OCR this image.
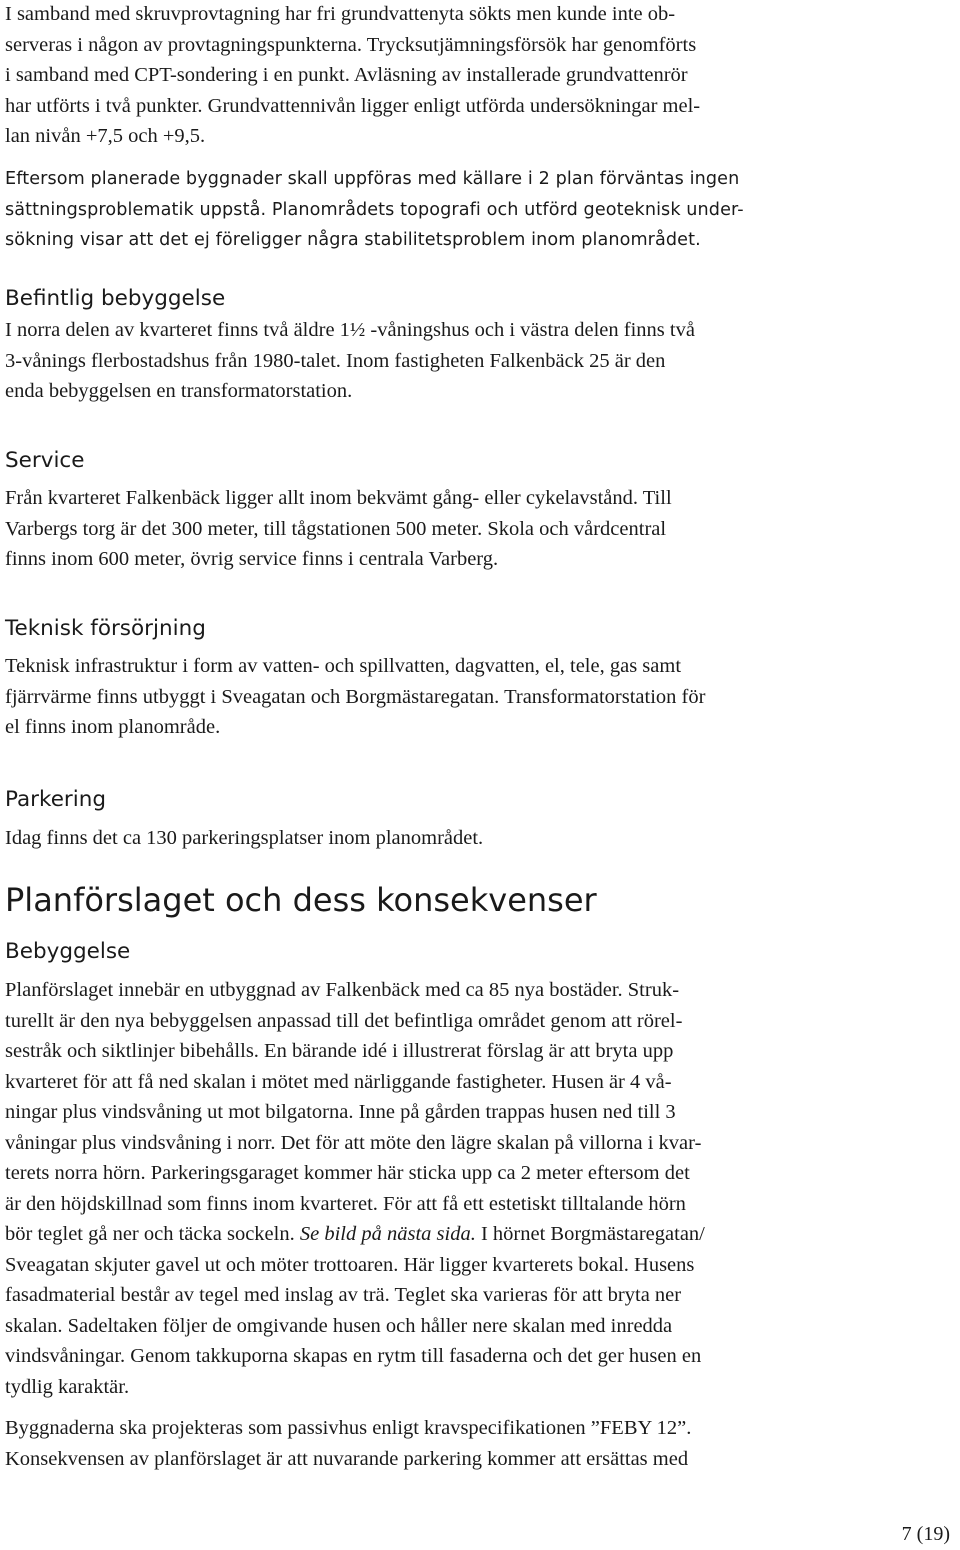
I samband med skruvprovtagning har fri grundvattenyta sökts men kunde inte ob-
serveras i någon av provtagningspunkterna. Trycksutjämningsförsök har genomförts
i samband med CPT-sondering i en punkt. Avläsning av installerade grundvattenrör
har utförts i två punkter. Grundvattennivån ligger enligt utförda undersökningar mel-
lan nivån +7,5 och +9,5.
Eftersom planerade byggnader skall uppföras med källare i 2 plan förväntas ingen
sättningsproblematik uppstå. Planområdets topografi och utförd geoteknisk under-
sökning visar att det ej föreligger några stabilitetsproblem inom planområdet.
Befintlig bebyggelse
I norra delen av kvarteret finns två äldre 1½ -våningshus och i västra delen finns två
3-vånings flerbostadshus från 1980-talet. Inom fastigheten Falkenbäck 25 är den
enda bebyggelsen en transformatorstation.
Service
Från kvarteret Falkenbäck ligger allt inom bekvämt gång- eller cykelavstånd. Till
Varbergs torg är det 300 meter, till tågstationen 500 meter. Skola och vårdcentral
finns inom 600 meter, övrig service finns i centrala Varberg.
Teknisk försörjning
Teknisk infrastruktur i form av vatten- och spillvatten, dagvatten, el, tele, gas samt
fjärrvärme finns utbyggt i Sveagatan och Borgmästaregatan. Transformatorstation för
el finns inom planområde.
Parkering
Idag finns det ca 130 parkeringsplatser inom planområdet.
Planförslaget och dess konsekvenser
Bebyggelse
Planförslaget innebär en utbyggnad av Falkenbäck med ca 85 nya bostäder. Struk-
turellt är den nya bebyggelsen anpassad till det befintliga området genom att rörel-
sestråk och siktlinjer bibehålls. En bärande idé i illustrerat förslag är att bryta upp
kvarteret för att få ned skalan i mötet med närliggande fastigheter. Husen är 4 vå-
ningar plus vindsvåning ut mot bilgatorna. Inne på gården trappas husen ned till 3
våningar plus vindsvåning i norr. Det för att möte den lägre skalan på villorna i kvar-
terets norra hörn. Parkeringsgaraget kommer här sticka upp ca 2 meter eftersom det
är den höjdskillnad som finns inom kvarteret. För att få ett estetiskt tilltalande hörn
bör teglet gå ner och täcka sockeln. Se bild på nästa sida. I hörnet Borgmästaregatan/
Sveagatan skjuter gavel ut och möter trottoaren. Här ligger kvarterets bokal. Husens
fasadmaterial består av tegel med inslag av trä. Teglet ska varieras för att bryta ner
skalan. Sadeltaken följer de omgivande husen och håller nere skalan med inredda
vindsvåningar. Genom takkuporna skapas en rytm till fasaderna och det ger husen en
tydlig karaktär.
Byggnaderna ska projekteras som passivhus enligt kravspecifikationen ”FEBY 12”.
Konsekvensen av planförslaget är att nuvarande parkering kommer att ersättas med
7 (19)
